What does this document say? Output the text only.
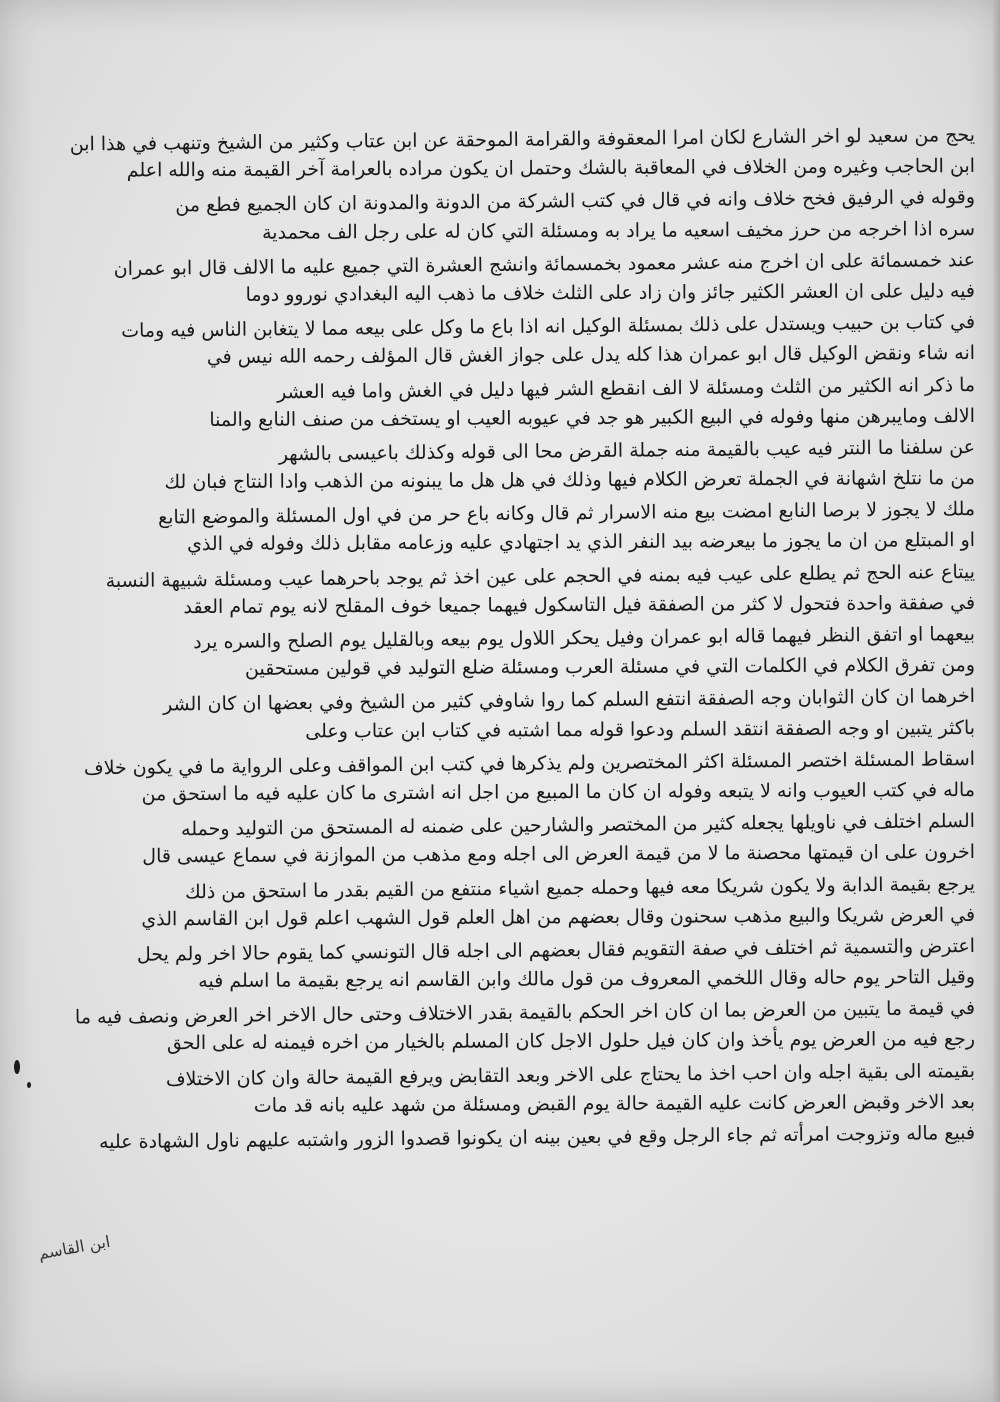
يحج من سعيد لو اخر الشارع لكان امرا المعقوفة والقرامة الموحقة عن ابن عتاب وكثير من الشيخ وتنهب في هذا ابن
ابن الحاجب وغيره ومن الخلاف في المعاقبة بالشك وحتمل ان يكون مراده بالعرامة آخر القيمة منه والله اعلم
وقوله في الرفيق فخح خلاف وانه في قال في كتب الشركة من الدونة والمدونة ان كان الجميع فطع من
سره اذا اخرجه من حرز مخيف اسعيه ما يراد به ومسئلة التي كان له على رجل الف محمدية
عند خمسمائة على ان اخرج منه عشر معمود بخمسمائة وانشج العشرة التي جميع عليه ما الالف قال ابو عمران
فيه دليل على ان العشر الكثير جائز وان زاد على الثلث خلاف ما ذهب اليه البغدادي نوروو دوما
في كتاب بن حبيب ويستدل على ذلك بمسئلة الوكيل انه اذا باع ما وكل على بيعه مما لا يتغابن الناس فيه ومات
انه شاء ونقض الوكيل قال ابو عمران هذا كله يدل على جواز الغش قال المؤلف رحمه الله نيس في
ما ذكر انه الكثير من الثلث ومسئلة لا الف انقطع الشر فيها دليل في الغش واما فيه العشر
الالف ومايبرهن منها وفوله في البيع الكبير هو جد في عيوبه العيب او يستخف من صنف النابع والمنا
عن سلفنا ما النتر فيه عيب بالقيمة منه جملة القرض محا الى قوله وكذلك باعيسى بالشهر
من ما نتلخ اشهانة في الجملة تعرض الكلام فيها وذلك في هل هل ما يبنونه من الذهب وادا النتاج فبان لك
ملك لا يجوز لا برصا النابع امضت بيع منه الاسرار ثم قال وكانه باع حر من في اول المسئلة والموضع التابع
او المبتلع من ان ما يجوز ما بيعرضه بيد النفر الذي يد اجتهادي عليه وزعامه مقابل ذلك وفوله في الذي
ييتاع عنه الحج ثم يطلع على عيب فيه بمنه في الحجم على عين اخذ ثم يوجد باحرهما عيب ومسئلة شبيهة النسبة
في صفقة واحدة فتحول لا كثر من الصفقة فيل التاسكول فيهما جميعا خوف المقلح لانه يوم تمام العقد
بيعهما او اتفق النظر فيهما قاله ابو عمران وفيل يحكر اللاول يوم بيعه وبالقليل يوم الصلح والسره يرد
ومن تفرق الكلام في الكلمات التي في مسئلة العرب ومسئلة ضلع التوليد في قولين مستحقين
اخرهما ان كان الثوابان وجه الصفقة انتفع السلم كما روا شاوفي كثير من الشيخ وفي بعضها ان كان الشر
باكثر يتبين او وجه الصفقة انتقد السلم ودعوا قوله مما اشتبه في كتاب ابن عتاب وعلى
اسقاط المسئلة اختصر المسئلة اكثر المختصرين ولم يذكرها في كتب ابن المواقف وعلى الرواية ما في يكون خلاف
ماله في كتب العيوب وانه لا يتبعه وفوله ان كان ما المبيع من اجل انه اشترى ما كان عليه فيه ما استحق من
السلم اختلف في ناويلها يجعله كثير من المختصر والشارحين على ضمنه له المستحق من التوليد وحمله
اخرون على ان قيمتها محصنة ما لا من قيمة العرض الى اجله ومع مذهب من الموازنة في سماع عيسى قال
يرجع بقيمة الدابة ولا يكون شريكا معه فيها وحمله جميع اشياء منتفع من القيم بقدر ما استحق من ذلك
في العرض شريكا والبيع مذهب سحنون وقال بعضهم من اهل العلم قول الشهب اعلم قول ابن القاسم الذي
اعترض والتسمية ثم اختلف في صفة التقويم فقال بعضهم الى اجله قال التونسي كما يقوم حالا اخر ولم يحل
وقيل التاحر يوم حاله وقال اللخمي المعروف من قول مالك وابن القاسم انه يرجع بقيمة ما اسلم فيه
في قيمة ما يتبين من العرض بما ان كان اخر الحكم بالقيمة بقدر الاختلاف وحتى حال الاخر اخر العرض ونصف فيه ما
رجع فيه من العرض يوم يأخذ وان كان فيل حلول الاجل كان المسلم بالخيار من اخره فيمنه له على الحق
بقيمته الى بقية اجله وان احب اخذ ما يحتاج على الاخر وبعد التقابض ويرفع القيمة حالة وان كان الاختلاف
بعد الاخر وقبض العرض كانت عليه القيمة حالة يوم القبض ومسئلة من شهد عليه بانه قد مات
فبيع ماله وتزوجت امرأته ثم جاء الرجل وقع في بعين بينه ان يكونوا قصدوا الزور واشتبه عليهم ناول الشهادة عليه
ابن القاسم
